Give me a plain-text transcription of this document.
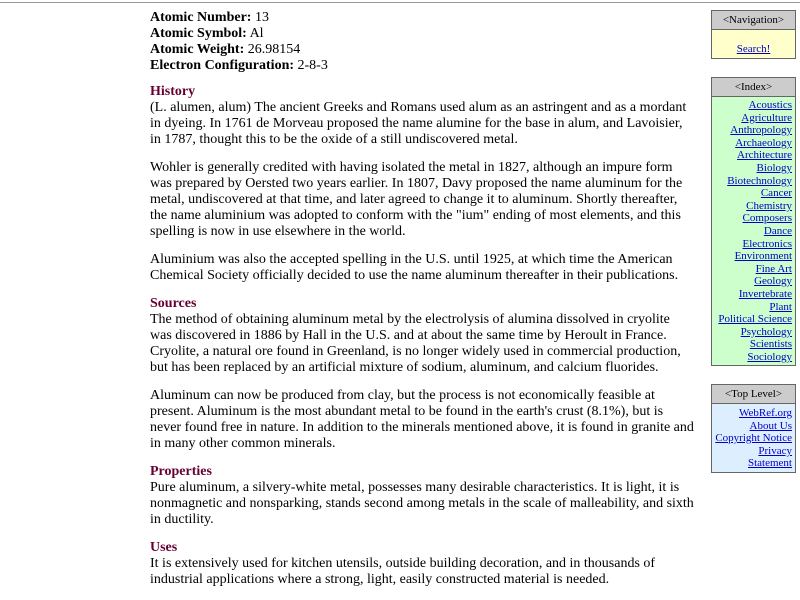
Atomic Number: 13
Atomic Symbol: Al
Atomic Weight: 26.98154
Electron Configuration: 2-8-3
History

(L. alumen, alum) The ancient Greeks and Romans used alum as an astringent and as a mordant in dyeing. In 1761 de Morveau proposed the name alumine for the base in alum, and Lavoisier, in 1787, thought this to be the oxide of a still undiscovered metal.

Wohler is generally credited with having isolated the metal in 1827, although an impure form was prepared by Oersted two years earlier. In 1807, Davy proposed the name aluminum for the metal, undiscovered at that time, and later agreed to change it to aluminum. Shortly thereafter, the name aluminium was adopted to conform with the "ium" ending of most elements, and this spelling is now in use elsewhere in the world.

Aluminium was also the accepted spelling in the U.S. until 1925, at which time the American Chemical Society officially decided to use the name aluminum thereafter in their publications.

Sources

The method of obtaining aluminum metal by the electrolysis of alumina dissolved in cryolite was discovered in 1886 by Hall in the U.S. and at about the same time by Heroult in France. Cryolite, a natural ore found in Greenland, is no longer widely used in commercial production, but has been replaced by an artificial mixture of sodium, aluminum, and calcium fluorides.

Aluminum can now be produced from clay, but the process is not economically feasible at present. Aluminum is the most abundant metal to be found in the earth's crust (8.1%), but is never found free in nature. In addition to the minerals mentioned above, it is found in granite and in many other common minerals.

Properties

Pure aluminum, a silvery-white metal, possesses many desirable characteristics. It is light, it is nonmagnetic and nonsparking, stands second among metals in the scale of malleability, and sixth in ductility.

Uses

It is extensively used for kitchen utensils, outside building decoration, and in thousands of industrial applications where a strong, light, easily constructed material is needed.

<Navigation>
Search!
<Index>
Acoustics
Agriculture
Anthropology
Archaeology
Architecture
Biology
Biotechnology
Cancer
Chemistry
Composers
Dance
Electronics
Environment
Fine Art
Geology
Invertebrate
Plant
Political Science
Psychology
Scientists
Sociology
<Top Level>
WebRef.org
About Us
Copyright Notice
Privacy Statement
